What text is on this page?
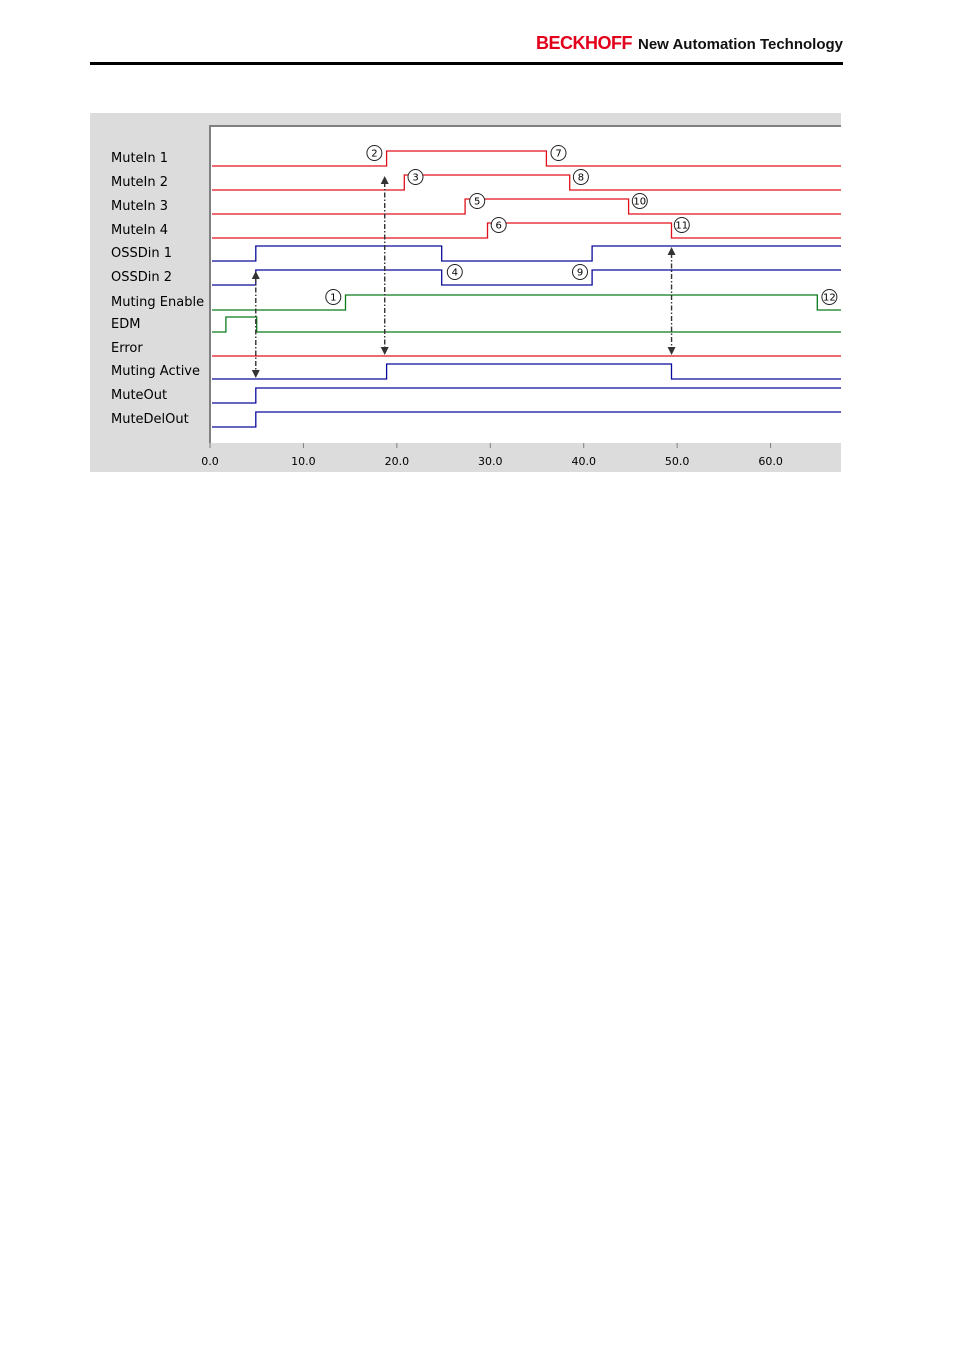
BECKHOFF New Automation Technology
MuteIn 1
MuteIn 2
MuteIn 3
MuteIn 4
OSSDin 1
OSSDin 2
Muting Enable
EDM
Error
Muting Active
MuteOut
MuteDelOut
0.0	10.0	20.0	30.0	40.0	50.0	60.0
1
2
3
4
5
6
7
8
9
10
11
12
